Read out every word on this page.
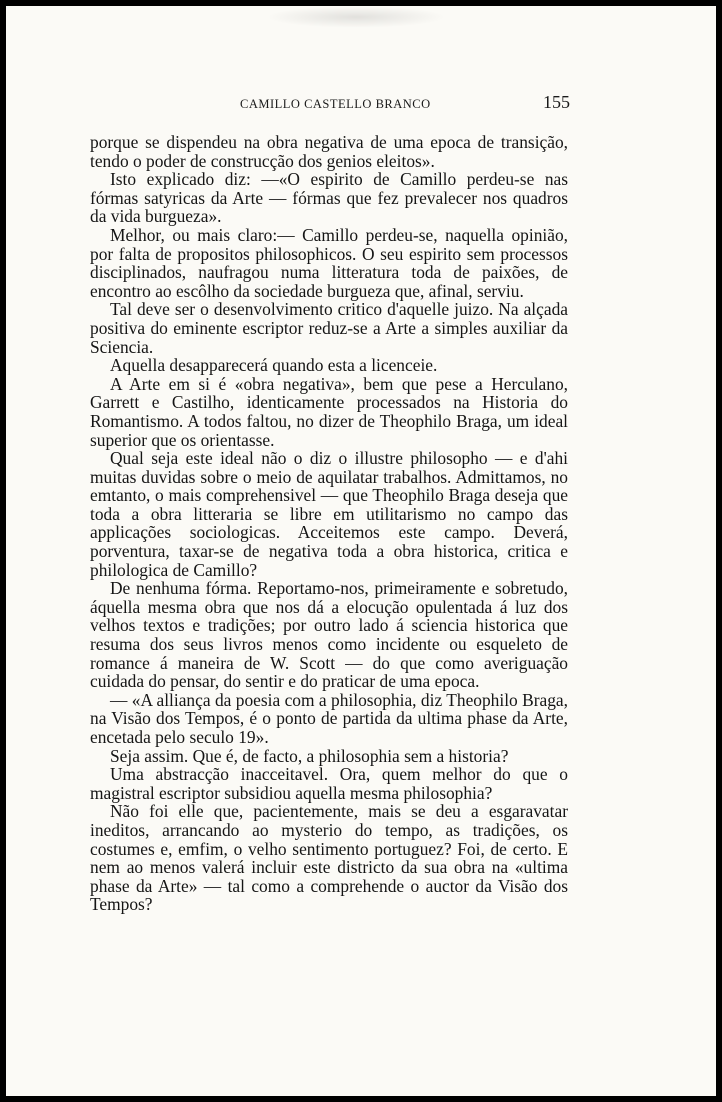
CAMILLO CASTELLO BRANCO	155

porque se dispendeu na obra negativa de uma epoca de transição, tendo o poder de construcção dos genios eleitos».

Isto explicado diz: —«O espirito de Camillo perdeu-se nas fórmas satyricas da Arte — fórmas que fez prevalecer nos quadros da vida burgueza».

Melhor, ou mais claro:— Camillo perdeu-se, naquella opinião, por falta de propositos philosophicos. O seu espirito sem processos disciplinados, naufragou numa litteratura toda de paixões, de encontro ao escôlho da sociedade burgueza que, afinal, serviu.

Tal deve ser o desenvolvimento critico d'aquelle juizo. Na alçada positiva do eminente escriptor reduz-se a Arte a simples auxiliar da Sciencia.

Aquella desapparecerá quando esta a licenceie.

A Arte em si é «obra negativa», bem que pese a Herculano, Garrett e Castilho, identicamente processados na Historia do Romantismo. A todos faltou, no dizer de Theophilo Braga, um ideal superior que os orientasse.

Qual seja este ideal não o diz o illustre philosopho — e d'ahi muitas duvidas sobre o meio de aquilatar trabalhos. Admittamos, no emtanto, o mais comprehensivel — que Theophilo Braga deseja que toda a obra litteraria se libre em utilitarismo no campo das applicações sociologicas. Acceitemos este campo. Deverá, porventura, taxar-se de negativa toda a obra historica, critica e philologica de Camillo?

De nenhuma fórma. Reportamo-nos, primeiramente e sobretudo, áquella mesma obra que nos dá a elocução opulentada á luz dos velhos textos e tradições; por outro lado á sciencia historica que resuma dos seus livros menos como incidente ou esqueleto de romance á maneira de W. Scott — do que como averiguação cuidada do pensar, do sentir e do praticar de uma epoca.

— «A alliança da poesia com a philosophia, diz Theophilo Braga, na Visão dos Tempos, é o ponto de partida da ultima phase da Arte, encetada pelo seculo 19».

Seja assim. Que é, de facto, a philosophia sem a historia?

Uma abstracção inacceitavel. Ora, quem melhor do que o magistral escriptor subsidiou aquella mesma philosophia?

Não foi elle que, pacientemente, mais se deu a esgaravatar ineditos, arrancando ao mysterio do tempo, as tradições, os costumes e, emfim, o velho sentimento portuguez? Foi, de certo. E nem ao menos valerá incluir este districto da sua obra na «ultima phase da Arte» — tal como a comprehende o auctor da Visão dos Tempos?
